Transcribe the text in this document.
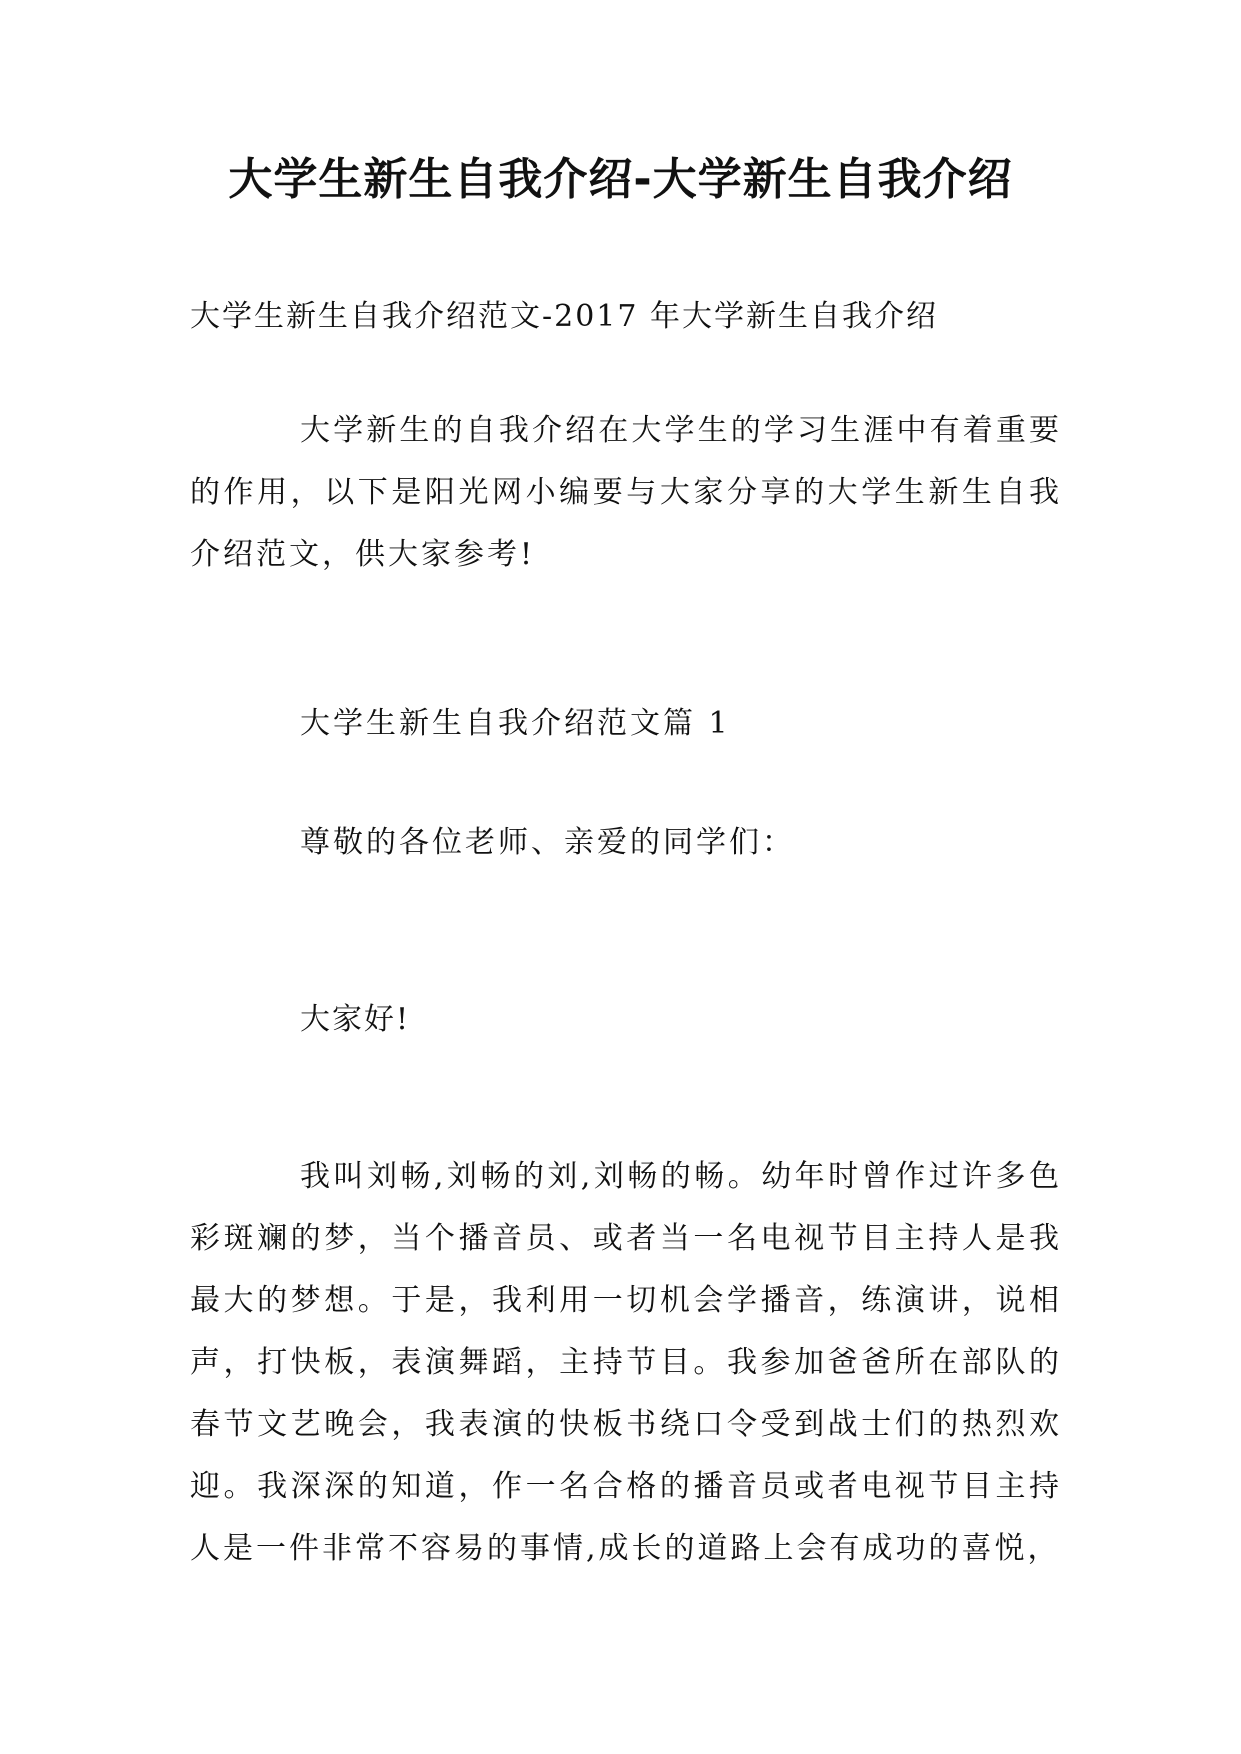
大学生新生自我介绍-大学新生自我介绍

大学生新生自我介绍范文-2017 年大学新生自我介绍

大学新生的自我介绍在大学生的学习生涯中有着重要的作用，以下是阳光网小编要与大家分享的大学生新生自我介绍范文，供大家参考!

大学生新生自我介绍范文篇 1

尊敬的各位老师、亲爱的同学们：

大家好!

我叫刘畅,刘畅的刘,刘畅的畅。幼年时曾作过许多色彩斑斓的梦，当个播音员、或者当一名电视节目主持人是我最大的梦想。于是，我利用一切机会学播音，练演讲，说相声，打快板，表演舞蹈，主持节目。我参加爸爸所在部队的春节文艺晚会，我表演的快板书绕口令受到战士们的热烈欢迎。我深深的知道，作一名合格的播音员或者电视节目主持人是一件非常不容易的事情,成长的道路上会有成功的喜悦，
